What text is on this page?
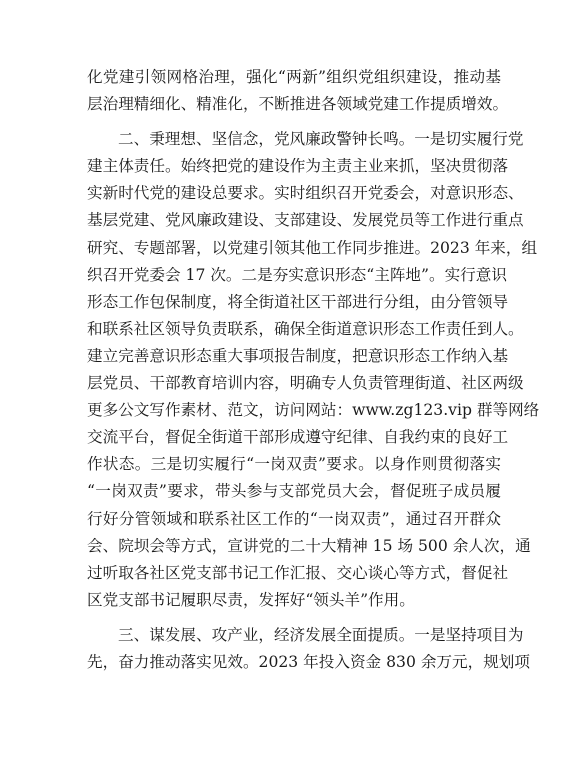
化党建引领网格治理，强化“两新”组织党组织建设，推动基
层治理精细化、精准化，不断推进各领域党建工作提质增效。
二、秉理想、坚信念，党风廉政警钟长鸣。一是切实履行党
建主体责任。始终把党的建设作为主责主业来抓，坚决贯彻落
实新时代党的建设总要求。实时组织召开党委会，对意识形态、
基层党建、党风廉政建设、支部建设、发展党员等工作进行重点
研究、专题部署，以党建引领其他工作同步推进。2023 年来，组
织召开党委会 17 次。二是夯实意识形态“主阵地”。实行意识
形态工作包保制度，将全街道社区干部进行分组，由分管领导
和联系社区领导负责联系，确保全街道意识形态工作责任到人。
建立完善意识形态重大事项报告制度，把意识形态工作纳入基
层党员、干部教育培训内容，明确专人负责管理街道、社区两级
更多公文写作素材、范文，访问网站：www.zg123.vip 群等网络
交流平台，督促全街道干部形成遵守纪律、自我约束的良好工
作状态。三是切实履行“一岗双责”要求。以身作则贯彻落实
“一岗双责”要求，带头参与支部党员大会，督促班子成员履
行好分管领域和联系社区工作的“一岗双责”，通过召开群众
会、院坝会等方式，宣讲党的二十大精神 15 场 500 余人次，通
过听取各社区党支部书记工作汇报、交心谈心等方式，督促社
区党支部书记履职尽责，发挥好“领头羊”作用。
三、谋发展、攻产业，经济发展全面提质。一是坚持项目为
先，奋力推动落实见效。2023 年投入资金 830 余万元，规划项
